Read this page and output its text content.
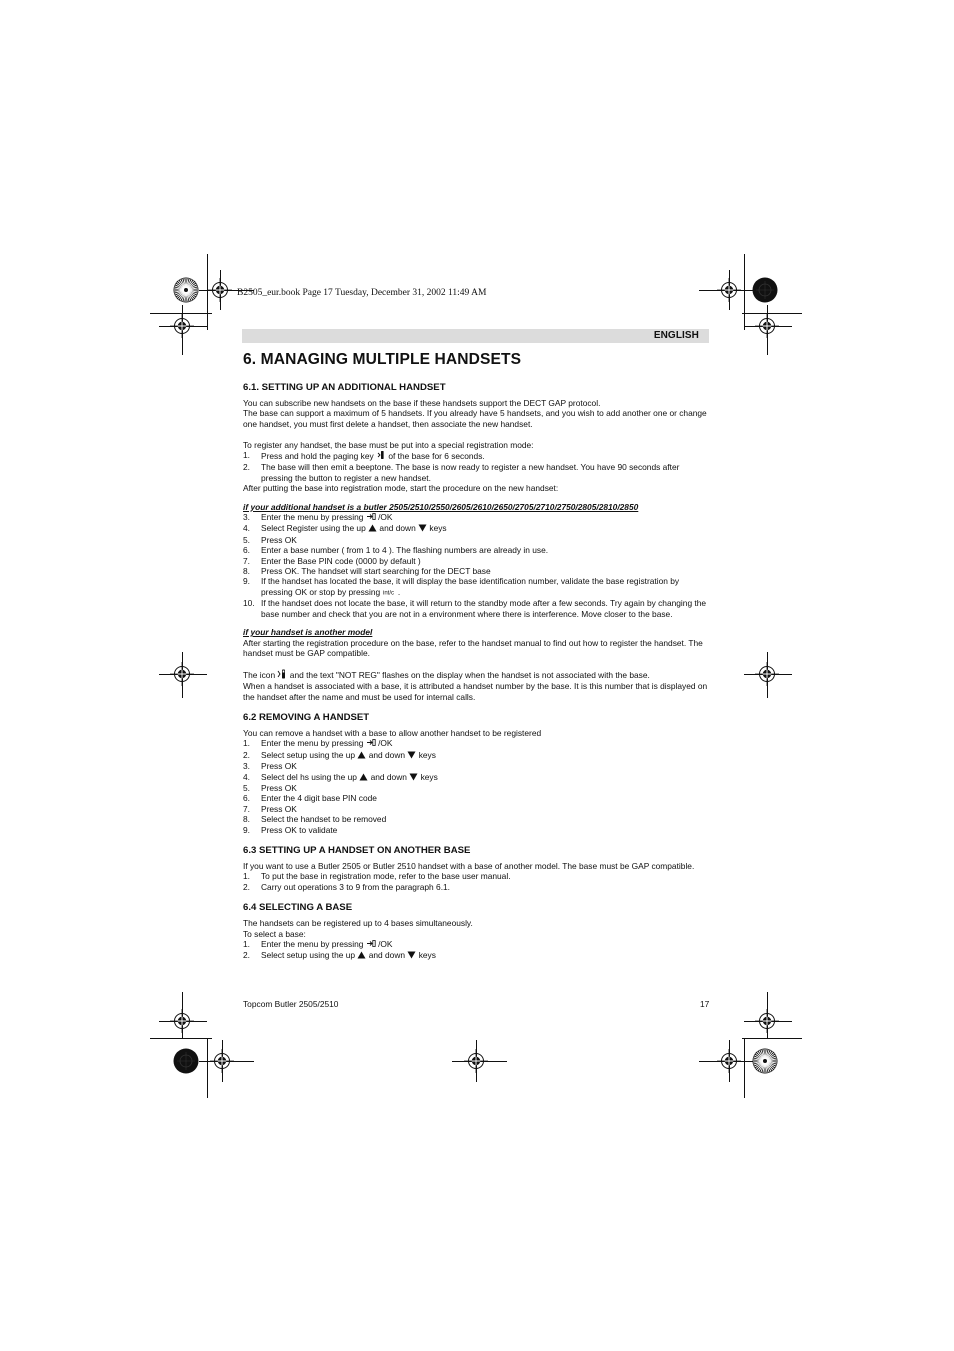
B2505_eur.book Page 17 Tuesday, December 31, 2002 11:49 AM
ENGLISH
6. MANAGING MULTIPLE HANDSETS
6.1. SETTING UP AN ADDITIONAL HANDSET

You can subscribe new handsets on the base if these handsets support the DECT GAP protocol.

The base can support a maximum of 5 handsets. If you already have 5 handsets, and you wish to add another one or change one handset, you must first delete a handset, then associate the new handset.

To register any handset, the base must be put into a special registration mode:

1. Press and hold the paging key of the base for 6 seconds.
2. The base will then emit a beeptone. The base is now ready to register a new handset. You have 90 seconds after pressing the button to register a new handset.

After putting the base into registration mode, start the procedure on the new handset:

if your additional handset is a butler 2505/2510/2550/2605/2610/2650/2705/2710/2750/2805/2810/2850

3. Enter the menu by pressing /OK
4. Select Register using the up and down  keys
5. Press OK
6. Enter a base number ( from 1 to 4 ). The flashing numbers are already in use.
7. Enter the Base PIN code (0000 by default )
8. Press OK. The handset will start searching for the DECT base
9. If the handset has located the base, it will display the base identification number, validate the base registration by pressing OK or stop by pressing int/c .
10. If the handset does not locate the base, it will return to the standby mode after a few seconds. Try again by changing the base number and check that you are not in a environment where there is interference. Move closer to the base.

if your handset is another model

After starting the registration procedure on the base, refer to the handset manual to find out how to register the handset. The handset must be GAP compatible.

The icon and the text "NOT REG" flashes on the display when the handset is not associated with the base.

When a handset is associated with a base, it is attributed a handset number by the base. It is this number that is displayed on the handset after the name and must be used for internal calls.

6.2 REMOVING A HANDSET

You can remove a handset with a base to allow another handset to be registered

1. Enter the menu by pressing /OK
2. Select setup using the up and down  keys
3. Press OK
4. Select del hs using the up and down  keys
5. Press OK
6. Enter the 4 digit base PIN code
7. Press OK
8. Select the handset to be removed
9. Press OK to validate
6.3 SETTING UP A HANDSET ON ANOTHER BASE

If you want to use a Butler 2505 or Butler 2510 handset with a base of another model. The base must be GAP compatible.

1. To put the base in registration mode, refer to the base user manual.
2. Carry out operations 3 to 9 from the paragraph 6.1.
6.4 SELECTING A BASE

The handsets can be registered up to 4 bases simultaneously.

To select a base:

1. Enter the menu by pressing /OK
2. Select setup using the up and down  keys
Topcom Butler 2505/2510	17
